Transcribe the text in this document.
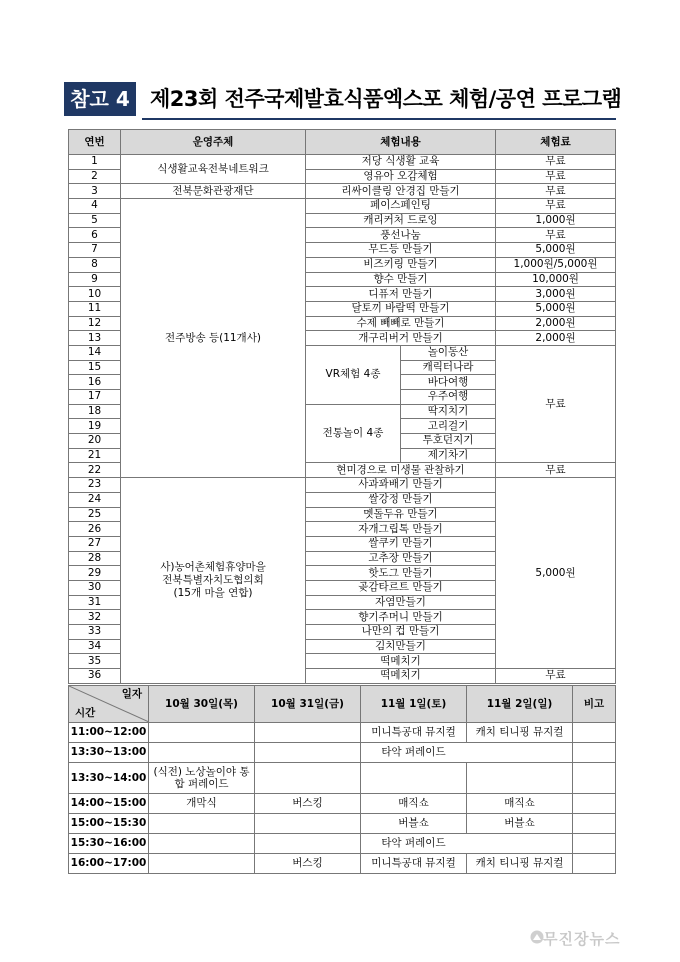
참고 4 제23회 전주국제발효식품엑스포 체험/공연 프로그램
연번	운영주체	체험내용		체험료
1	식생활교육전북네트워크	저당 식생활 교육		무료
2		영유아 오감체험		무료
3	전북문화관광재단	리싸이클링 안경집 만들기		무료
4	전주방송 등(11개사)	페이스페인팅		무료
5		캐리커처 드로잉		1,000원
6		풍선나눔		무료
7		무드등 만들기		5,000원
8		비즈키링 만들기		1,000원/5,000원
9		향수 만들기		10,000원
10		디퓨저 만들기		3,000원
11		달토끼 바람떡 만들기		5,000원
12		수제 빼빼로 만들기		2,000원
13		개구리버거 만들기		2,000원
14		VR체험 4종	놀이동산	무료
15			캐릭터나라	
16			바다여행	
17			우주여행	
18		전통놀이 4종	딱지치기	
19			고리걸기	
20			투호던지기	
21			제기차기	
22		현미경으로 미생물 관찰하기		무료
23	사)농어촌체험휴양마을
전북특별자치도협의회
(15개 마을 연합)	사과꽈배기 만들기		5,000원
24		쌀강정 만들기		
25		멧돌두유 만들기		
26		자개그립톡 만들기		
27		쌀쿠키 만들기		
28		고추장 만들기		
29		핫도그 만들기		
30		곶감타르트 만들기		
31		자염만들기		
32		향기주머니 만들기		
33		나만의 컵 만들기		
34		김치만들기		
35		떡메치기		
36		떡메치기		무료
일자
시간	10월 30일(목)	10월 31일(금)	11월 1일(토)	11월 2일(일)	비고
11:00~12:00			미니특공대 뮤지컬	캐치 티니핑 뮤지컬	
13:30~13:00			타악 퍼레이드		
13:30~14:00	(식전) 노상놀이야 통합 퍼레이드				
14:00~15:00	개막식	버스킹	매직쇼	매직쇼	
15:00~15:30			버블쇼	버블쇼	
15:30~16:00			타악 퍼레이드		
16:00~17:00		버스킹	미니특공대 뮤지컬	캐치 티니핑 뮤지컬	
무진장뉴스
